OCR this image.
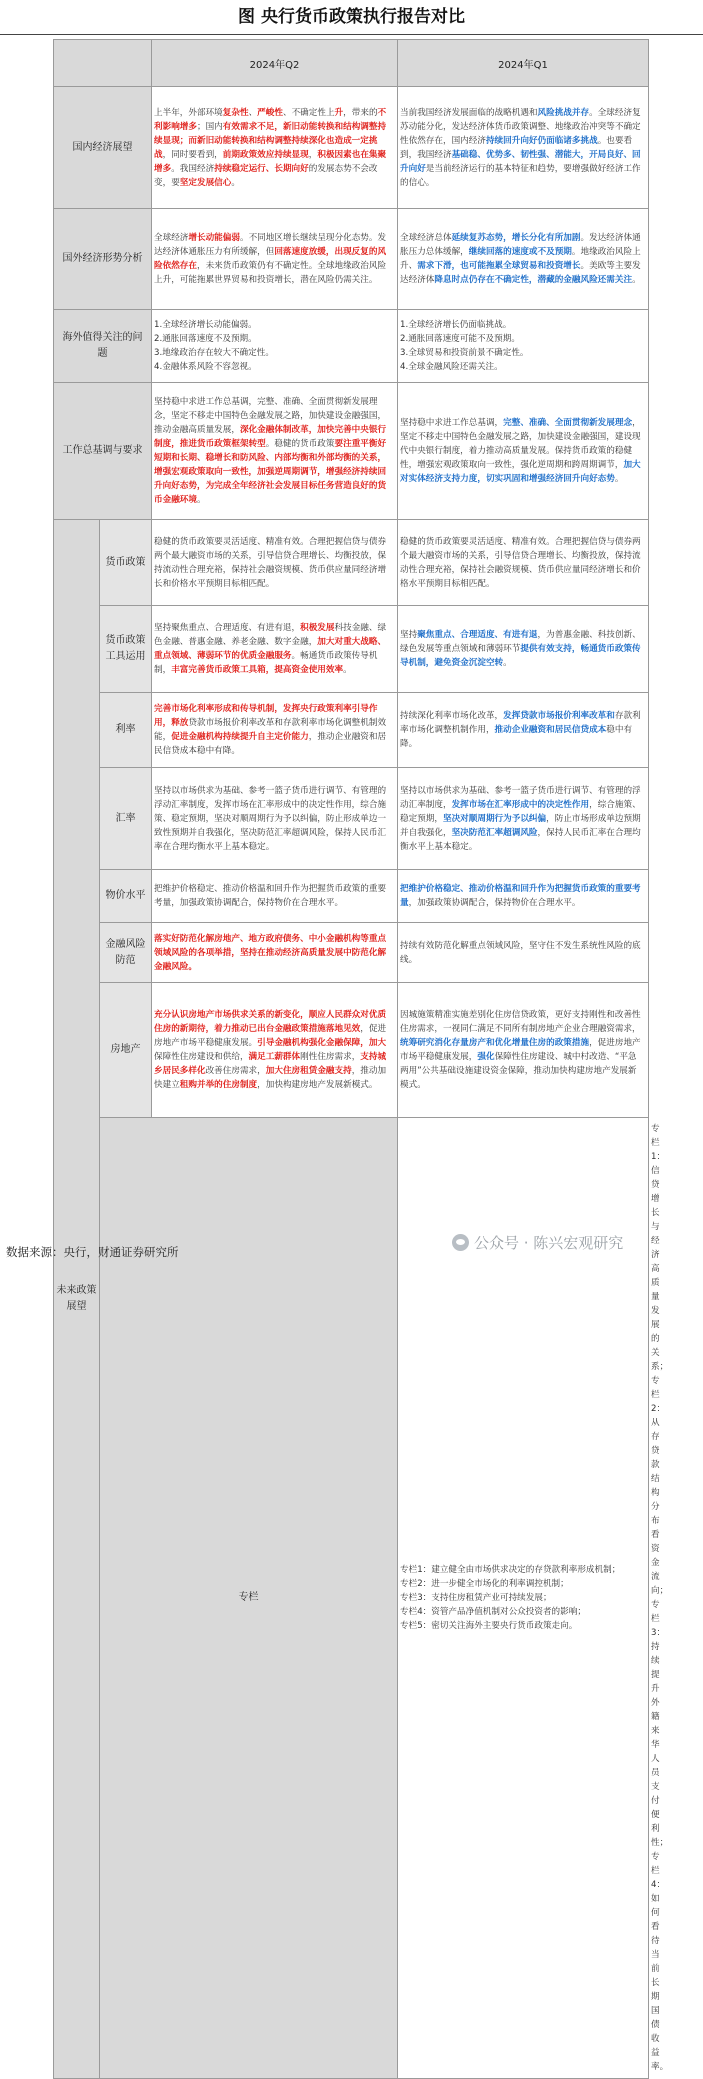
图 央行货币政策执行报告对比
		2024年Q2	2024年Q1	
国内经济展望		上半年，外部环境复杂性、严峻性、不确定性上升，带来的不利影响增多；国内有效需求不足，新旧动能转换和结构调整持续显现；而新旧动能转换和结构调整持续深化也造成一定挑战，同时要看到，前期政策效应持续显现，积极因素也在集聚增多。我国经济持续稳定运行、长期向好的发展态势不会改变，要坚定发展信心。	当前我国经济发展面临的战略机遇和风险挑战并存。全球经济复苏动能分化，发达经济体货币政策调整、地缘政治冲突等不确定性依然存在，国内经济持续回升向好仍面临诸多挑战。也要看到，我国经济基础稳、优势多、韧性强、潜能大，开局良好、回升向好是当前经济运行的基本特征和趋势，要增强做好经济工作的信心。	
国外经济形势分析		全球经济增长动能偏弱。不同地区增长继续呈现分化态势。发达经济体通胀压力有所缓解，但回落速度放缓，出现反复的风险依然存在，未来货币政策仍有不确定性。全球地缘政治风险上升，可能拖累世界贸易和投资增长，潜在风险仍需关注。	全球经济总体延续复苏态势，增长分化有所加剧。发达经济体通胀压力总体缓解，继续回落的速度或不及预期。地缘政治风险上升、需求下滑，也可能拖累全球贸易和投资增长。美欧等主要发达经济体降息时点仍存在不确定性，潜藏的金融风险还需关注。	
海外值得关注的问题		1.全球经济增长动能偏弱。
2.通胀回落速度不及预期。
3.地缘政治存在较大不确定性。
4.金融体系风险不容忽视。	1.全球经济增长仍面临挑战。
2.通胀回落速度可能不及预期。
3.全球贸易和投资前景不确定性。
4.全球金融风险还需关注。	

工作总基调与要求		坚持稳中求进工作总基调，完整、准确、全面贯彻新发展理念，坚定不移走中国特色金融发展之路，加快建设金融强国，推动金融高质量发展，深化金融体制改革，加快完善中央银行制度，推进货币政策框架转型。稳健的货币政策要注重平衡好短期和长期、稳增长和防风险、内部均衡和外部均衡的关系，增强宏观政策取向一致性，加强逆周期调节，增强经济持续回升向好态势，为完成全年经济社会发展目标任务营造良好的货币金融环境。	坚持稳中求进工作总基调，完整、准确、全面贯彻新发展理念，坚定不移走中国特色金融发展之路，加快建设金融强国，建设现代中央银行制度，着力推动高质量发展。保持货币政策的稳健性，增强宏观政策取向一致性，强化逆周期和跨周期调节，加大对实体经济支持力度，切实巩固和增强经济回升向好态势。	
未来政策展望	货币政策	稳健的货币政策要灵活适度、精准有效。合理把握信贷与债券两个最大融资市场的关系，引导信贷合理增长、均衡投放，保持流动性合理充裕，保持社会融资规模、货币供应量同经济增长和价格水平预期目标相匹配。	稳健的货币政策要灵活适度、精准有效。合理把握信贷与债券两个最大融资市场的关系，引导信贷合理增长、均衡投放，保持流动性合理充裕，保持社会融资规模、货币供应量同经济增长和价格水平预期目标相匹配。	
	货币政策工具运用	坚持聚焦重点、合理适度、有进有退，积极发展科技金融、绿色金融、普惠金融、养老金融、数字金融，加大对重大战略、重点领域、薄弱环节的优质金融服务。畅通货币政策传导机制，丰富完善货币政策工具箱，提高资金使用效率。	坚持聚焦重点、合理适度、有进有退，为普惠金融、科技创新、绿色发展等重点领域和薄弱环节提供有效支持，畅通货币政策传导机制，避免资金沉淀空转。	
	利率	完善市场化利率形成和传导机制，发挥央行政策利率引导作用，释放贷款市场报价利率改革和存款利率市场化调整机制效能，促进金融机构持续提升自主定价能力，推动企业融资和居民信贷成本稳中有降。	持续深化利率市场化改革，发挥贷款市场报价利率改革和存款利率市场化调整机制作用，推动企业融资和居民信贷成本稳中有降。	
	汇率	坚持以市场供求为基础、参考一篮子货币进行调节、有管理的浮动汇率制度，发挥市场在汇率形成中的决定性作用，综合施策、稳定预期，坚决对顺周期行为予以纠偏，防止形成单边一致性预期并自我强化，坚决防范汇率超调风险，保持人民币汇率在合理均衡水平上基本稳定。	坚持以市场供求为基础、参考一篮子货币进行调节、有管理的浮动汇率制度，发挥市场在汇率形成中的决定性作用，综合施策、稳定预期，坚决对顺周期行为予以纠偏，防止市场形成单边预期并自我强化，坚决防范汇率超调风险，保持人民币汇率在合理均衡水平上基本稳定。	
	物价水平	把维护价格稳定、推动价格温和回升作为把握货币政策的重要考量，加强政策协调配合，保持物价在合理水平。	把维护价格稳定、推动价格温和回升作为把握货币政策的重要考量，加强政策协调配合，保持物价在合理水平。	
	金融风险防范	落实好防范化解房地产、地方政府债务、中小金融机构等重点领域风险的各项举措，坚持在推动经济高质量发展中防范化解金融风险。	持续有效防范化解重点领域风险，坚守住不发生系统性风险的底线。	
	房地产	充分认识房地产市场供求关系的新变化，顺应人民群众对优质住房的新期待，着力推动已出台金融政策措施落地见效，促进房地产市场平稳健康发展。引导金融机构强化金融保障，加大保障性住房建设和供给，满足工薪群体刚性住房需求，支持城乡居民多样化改善住房需求，加大住房租赁金融支持，推动加快建立租购并举的住房制度，加快构建房地产发展新模式。	因城施策精准实施差别化住房信贷政策，更好支持刚性和改善性住房需求，一视同仁满足不同所有制房地产企业合理融资需求，统筹研究消化存量房产和优化增量住房的政策措施，促进房地产市场平稳健康发展，强化保障性住房建设、城中村改造、“平急两用”公共基础设施建设资金保障，推动加快构建房地产发展新模式。	
	专栏		专栏1：建立健全由市场供求决定的存贷款利率形成机制；
专栏2：进一步健全市场化的利率调控机制；
专栏3：支持住房租赁产业可持续发展；
专栏4：资管产品净值机制对公众投资者的影响；
专栏5：密切关注海外主要央行货币政策走向。	专栏1：信贷增长与经济高质量发展的关系；
专栏2：从存贷款结构分布看资金流向；
专栏3：持续提升外籍来华人员支付便利性；
专栏4：如何看待当前长期国债收益率。
数据来源：央行，财通证券研究所	公众号 · 陈兴宏观研究
